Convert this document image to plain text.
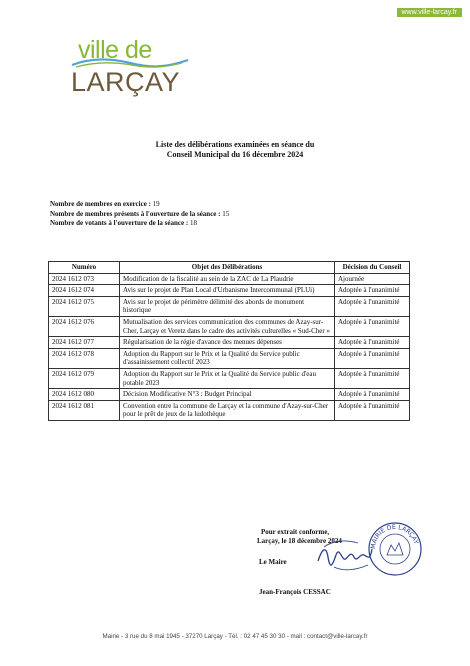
www.ville-larcay.fr
ville de
LARÇAY
Liste des délibérations examinées en séance du
Conseil Municipal du 16 décembre 2024
Nombre de membres en exercice : 19
Nombre de membres présents à l'ouverture de la séance : 15
Nombre de votants à l'ouverture de la séance : 18
Numéro	Objet des Délibérations	Décision du Conseil
2024 1612 073	Modification de la fiscalité au sein de la ZAC de La Plaudrie	Ajournée
2024 1612 074	Avis sur le projet de Plan Local d'Urbanisme Intercommunal (PLUi)	Adoptée à l'unanimité
2024 1612 075	Avis sur le projet de périmètre délimité des abords de monument historique	Adoptée à l'unanimité
2024 1612 076	Mutualisation des services communication des communes de Azay-sur-Cher, Larçay et Veretz dans le cadre des activités culturelles « Sud-Cher »	Adoptée à l'unanimité
2024 1612 077	Régularisation de la régie d'avance des menues dépenses	Adoptée à l'unanimité
2024 1612 078	Adoption du Rapport sur le Prix et la Qualité du Service public d'assainissement collectif 2023	Adoptée à l'unanimité
2024 1612 079	Adoption du Rapport sur le Prix et la Qualité du Service public d'eau potable 2023	Adoptée à l'unanimité
2024 1612 080	Décision Modificative N°3 : Budget Principal	Adoptée à l'unanimité
2024 1612 081	Convention entre la commune de Larçay et la commune d'Azay-sur-Cher pour le prêt de jeux de la ludothèque	Adoptée à l'unanimité
Pour extrait conforme,
Larçay, le 18 décembre 2024
Le Maire
Jean-François CESSAC
MAIRIE DE LARÇAY
Mairie - 3 rue du 8 mai 1945 - 37270 Larçay - Tél. : 02 47 45 30 30 - mail : contact@ville-larcay.fr
